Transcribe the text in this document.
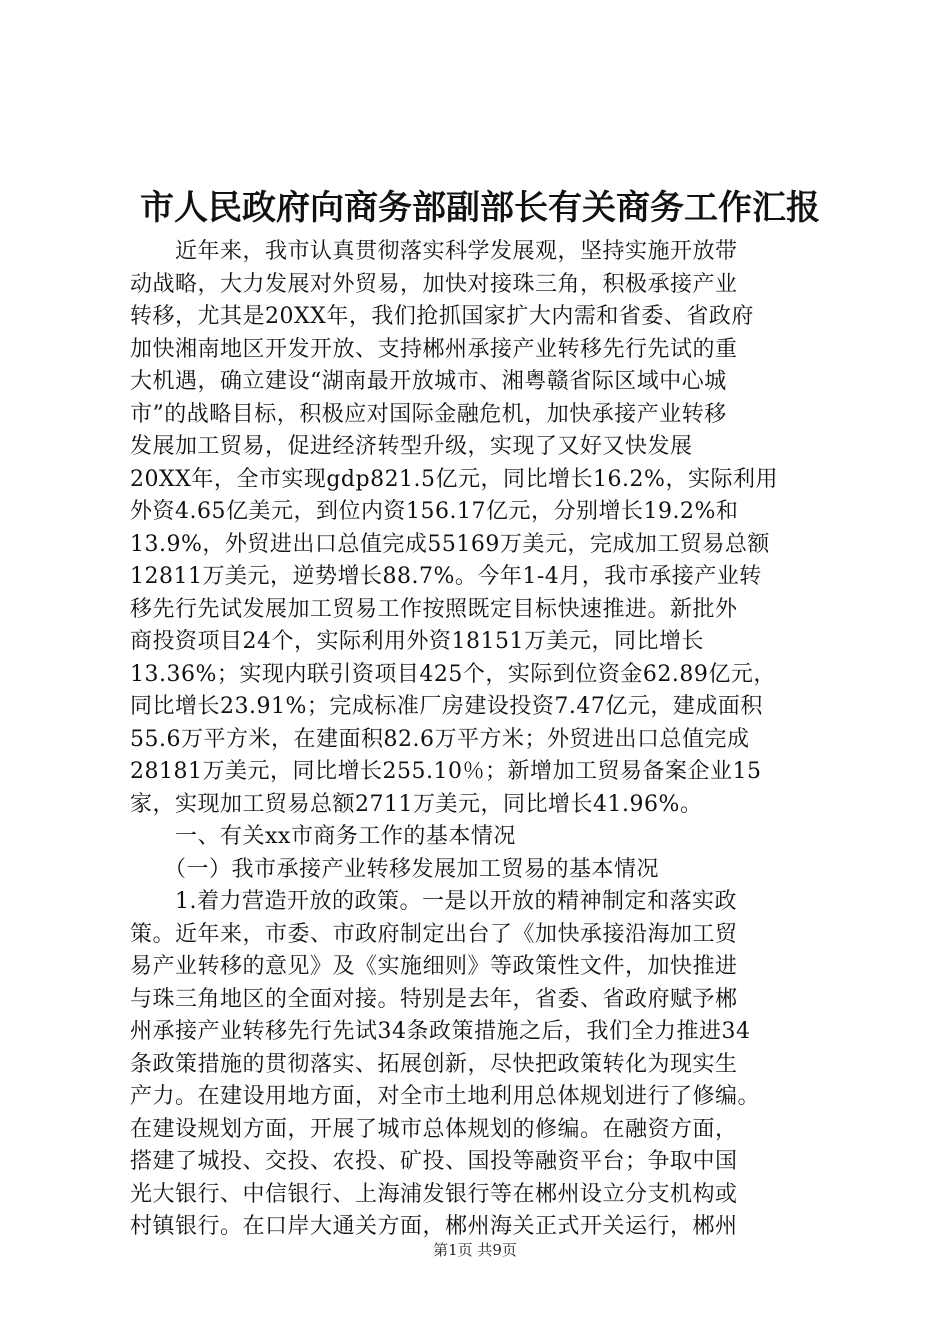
市人民政府向商务部副部长有关商务工作汇报
　　近年来，我市认真贯彻落实科学发展观，坚持实施开放带
动战略，大力发展对外贸易，加快对接珠三角，积极承接产业
转移，尤其是20XX年，我们抢抓国家扩大内需和省委、省政府
加快湘南地区开发开放、支持郴州承接产业转移先行先试的重
大机遇，确立建设“湖南最开放城市、湘粤赣省际区域中心城
市”的战略目标，积极应对国际金融危机，加快承接产业转移
发展加工贸易，促进经济转型升级，实现了又好又快发展
20XX年，全市实现gdp821.5亿元，同比增长16.2%，实际利用
外资4.65亿美元，到位内资156.17亿元，分别增长19.2%和
13.9%，外贸进出口总值完成55169万美元，完成加工贸易总额
12811万美元，逆势增长88.7%。今年1-4月，我市承接产业转
移先行先试发展加工贸易工作按照既定目标快速推进。新批外
商投资项目24个，实际利用外资18151万美元，同比增长
13.36%；实现内联引资项目425个，实际到位资金62.89亿元，
同比增长23.91%；完成标准厂房建设投资7.47亿元，建成面积
55.6万平方米，在建面积82.6万平方米；外贸进出口总值完成
28181万美元，同比增长255.10％；新增加工贸易备案企业15
家，实现加工贸易总额2711万美元，同比增长41.96%。
　　一、有关xx市商务工作的基本情况
　　（一）我市承接产业转移发展加工贸易的基本情况
　　1.着力营造开放的政策。一是以开放的精神制定和落实政
策。近年来，市委、市政府制定出台了《加快承接沿海加工贸
易产业转移的意见》及《实施细则》等政策性文件，加快推进
与珠三角地区的全面对接。特别是去年，省委、省政府赋予郴
州承接产业转移先行先试34条政策措施之后，我们全力推进34
条政策措施的贯彻落实、拓展创新，尽快把政策转化为现实生
产力。在建设用地方面，对全市土地利用总体规划进行了修编。
在建设规划方面，开展了城市总体规划的修编。在融资方面，
搭建了城投、交投、农投、矿投、国投等融资平台；争取中国
光大银行、中信银行、上海浦发银行等在郴州设立分支机构或
村镇银行。在口岸大通关方面，郴州海关正式开关运行，郴州
第1页 共9页
